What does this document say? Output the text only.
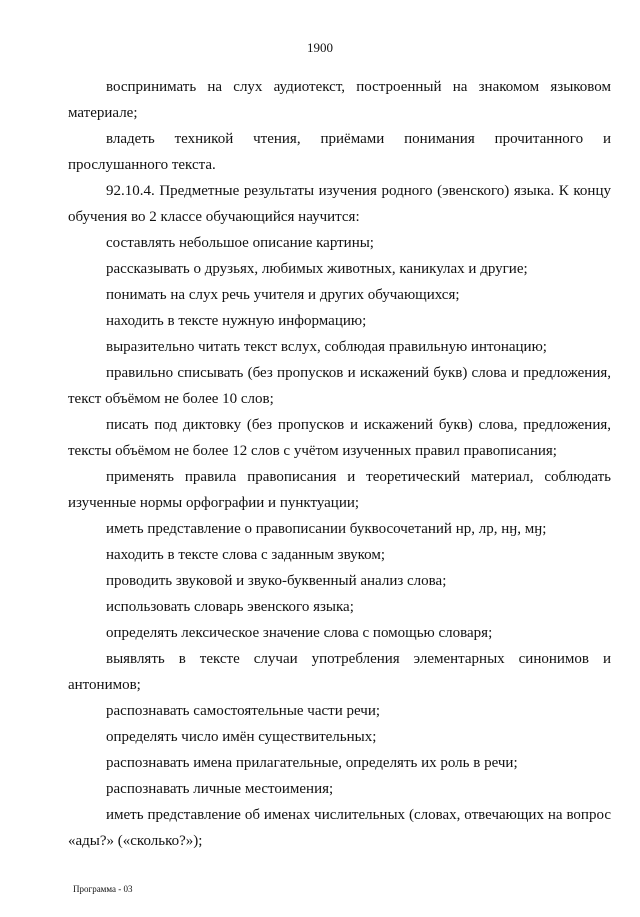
1900

воспринимать на слух аудиотекст, построенный на знакомом языковом материале;

владеть техникой чтения, приёмами понимания прочитанного и прослушанного текста.

92.10.4. Предметные результаты изучения родного (эвенского) языка. К концу обучения во 2 классе обучающийся научится:

составлять небольшое описание картины;

рассказывать о друзьях, любимых животных, каникулах и другие;

понимать на слух речь учителя и других обучающихся;

находить в тексте нужную информацию;

выразительно читать текст вслух, соблюдая правильную интонацию;

правильно списывать (без пропусков и искажений букв) слова и предложения, текст объёмом не более 10 слов;

писать под диктовку (без пропусков и искажений букв) слова, предложения, тексты объёмом не более 12 слов с учётом изученных правил правописания;

применять правила правописания и теоретический материал, соблюдать изученные нормы орфографии и пунктуации;

иметь представление о правописании буквосочетаний нр, лр, нӈ, мӈ;

находить в тексте слова с заданным звуком;

проводить звуковой и звуко-буквенный анализ слова;

использовать словарь эвенского языка;

определять лексическое значение слова с помощью словаря;

выявлять в тексте случаи употребления элементарных синонимов и антонимов;

распознавать самостоятельные части речи;

определять число имён существительных;

распознавать имена прилагательные, определять их роль в речи;

распознавать личные местоимения;

иметь представление об именах числительных (словах, отвечающих на вопрос «ады?» («сколько?»);

Программа - 03
